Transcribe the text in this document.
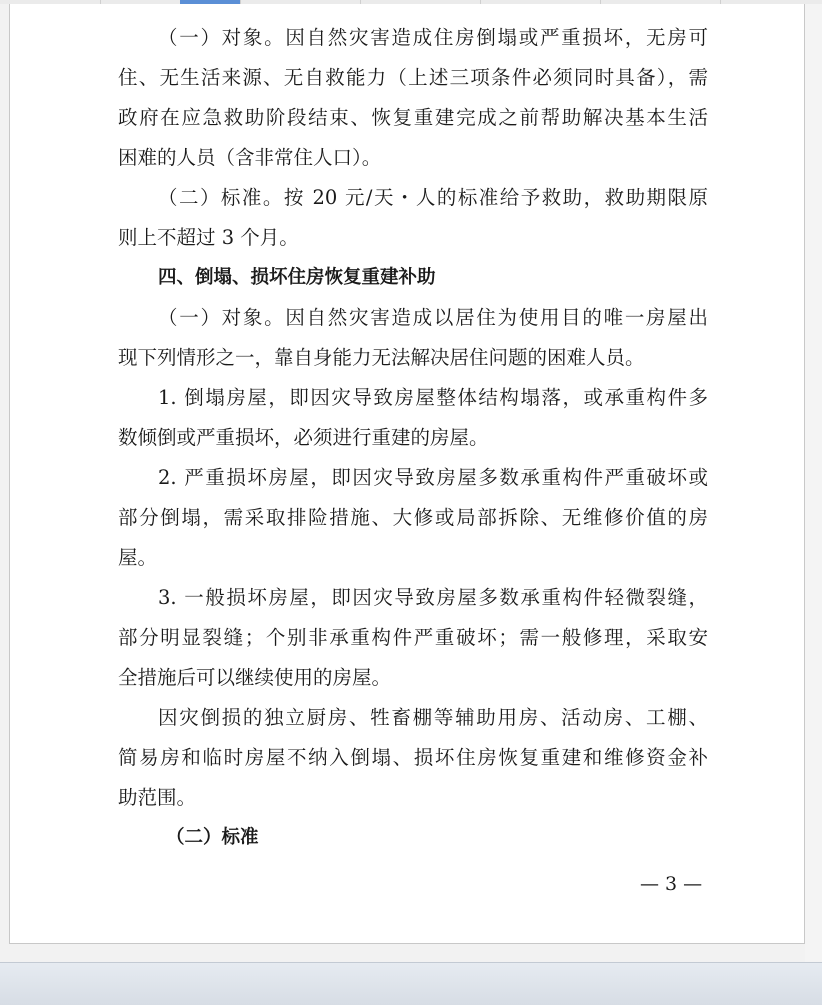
（一）对象。因自然灾害造成住房倒塌或严重损坏，无房可
住、无生活来源、无自救能力（上述三项条件必须同时具备），需
政府在应急救助阶段结束、恢复重建完成之前帮助解决基本生活
困难的人员（含非常住人口）。
（二）标准。按 20 元/天・人的标准给予救助，救助期限原
则上不超过 3 个月。
四、倒塌、损坏住房恢复重建补助
（一）对象。因自然灾害造成以居住为使用目的唯一房屋出
现下列情形之一，靠自身能力无法解决居住问题的困难人员。
1. 倒塌房屋，即因灾导致房屋整体结构塌落，或承重构件多
数倾倒或严重损坏，必须进行重建的房屋。
2. 严重损坏房屋，即因灾导致房屋多数承重构件严重破坏或
部分倒塌，需采取排险措施、大修或局部拆除、无维修价值的房
屋。
3. 一般损坏房屋，即因灾导致房屋多数承重构件轻微裂缝，
部分明显裂缝；个别非承重构件严重破坏；需一般修理，采取安
全措施后可以继续使用的房屋。
因灾倒损的独立厨房、牲畜棚等辅助用房、活动房、工棚、
简易房和临时房屋不纳入倒塌、损坏住房恢复重建和维修资金补
助范围。
（二）标准
— 3 —
